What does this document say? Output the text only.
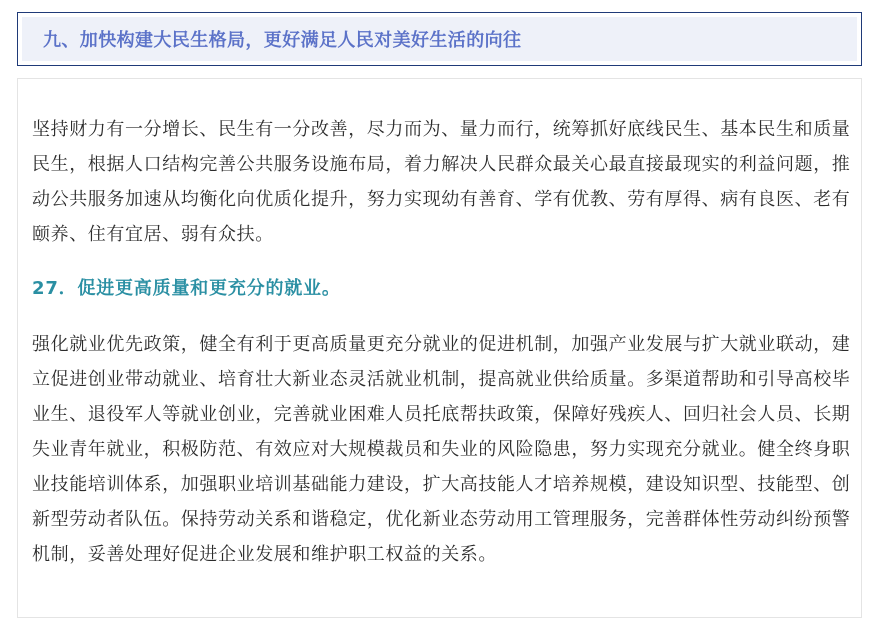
九、加快构建大民生格局，更好满足人民对美好生活的向往

坚持财力有一分增长、民生有一分改善，尽力而为、量力而行，统筹抓好底线民生、基本民生和质量民生，根据人口结构完善公共服务设施布局，着力解决人民群众最关心最直接最现实的利益问题，推动公共服务加速从均衡化向优质化提升，努力实现幼有善育、学有优教、劳有厚得、病有良医、老有颐养、住有宜居、弱有众扶。

27．促进更高质量和更充分的就业。

强化就业优先政策，健全有利于更高质量更充分就业的促进机制，加强产业发展与扩大就业联动，建立促进创业带动就业、培育壮大新业态灵活就业机制，提高就业供给质量。多渠道帮助和引导高校毕业生、退役军人等就业创业，完善就业困难人员托底帮扶政策，保障好残疾人、回归社会人员、长期失业青年就业，积极防范、有效应对大规模裁员和失业的风险隐患，努力实现充分就业。健全终身职业技能培训体系，加强职业培训基础能力建设，扩大高技能人才培养规模，建设知识型、技能型、创新型劳动者队伍。保持劳动关系和谐稳定，优化新业态劳动用工管理服务，完善群体性劳动纠纷预警机制，妥善处理好促进企业发展和维护职工权益的关系。
